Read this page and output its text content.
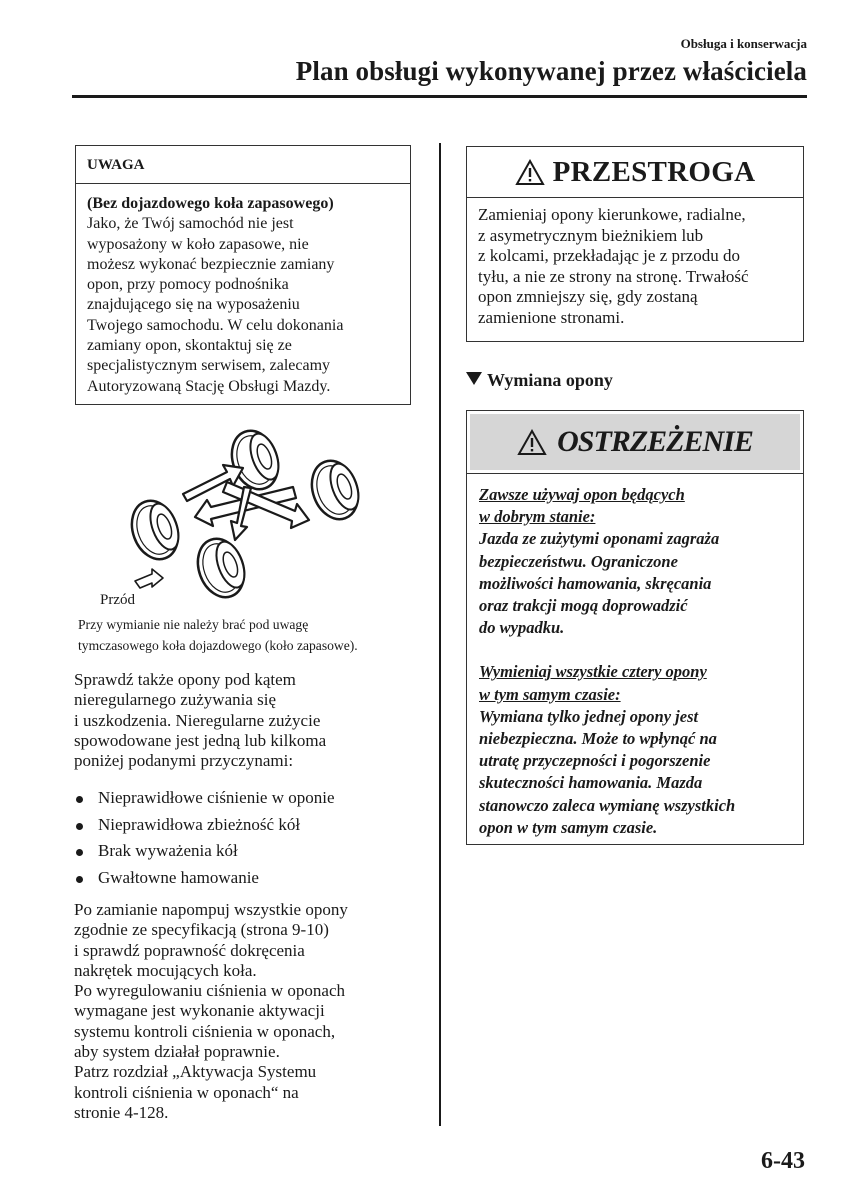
Obsługa i konserwacja
Plan obsługi wykonywanej przez właściciela
UWAGA
(Bez dojazdowego koła zapasowego)
Jako, że Twój samochód nie jest
wyposażony w koło zapasowe, nie
możesz wykonać bezpiecznie zamiany
opon, przy pomocy podnośnika
znajdującego się na wyposażeniu
Twojego samochodu. W celu dokonania
zamiany opon, skontaktuj się ze
specjalistycznym serwisem, zalecamy
Autoryzowaną Stację Obsługi Mazdy.
Przód
Przy wymianie nie należy brać pod uwagę
tymczasowego koła dojazdowego (koło zapasowe).
Sprawdź także opony pod kątem
nieregularnego zużywania się
i uszkodzenia. Nieregularne zużycie
spowodowane jest jedną lub kilkoma
poniżej podanymi przyczynami:
Nieprawidłowe ciśnienie w oponie
Nieprawidłowa zbieżność kół
Brak wyważenia kół
Gwałtowne hamowanie
Po zamianie napompuj wszystkie opony
zgodnie ze specyfikacją (strona 9-10)
i sprawdź poprawność dokręcenia
nakrętek mocujących koła.
Po wyregulowaniu ciśnienia w oponach
wymagane jest wykonanie aktywacji
systemu kontroli ciśnienia w oponach,
aby system działał poprawnie.
Patrz rozdział „Aktywacja Systemu
kontroli ciśnienia w oponach“ na
stronie 4-128.
PRZESTROGA
Zamieniaj opony kierunkowe, radialne,
z asymetrycznym bieżnikiem lub
z kolcami, przekładając je z przodu do
tyłu, a nie ze strony na stronę. Trwałość
opon zmniejszy się, gdy zostaną
zamienione stronami.
Wymiana opony
OSTRZEŻENIE
Zawsze używaj opon będących
w dobrym stanie:
Jazda ze zużytymi oponami zagraża
bezpieczeństwu. Ograniczone
możliwości hamowania, skręcania
oraz trakcji mogą doprowadzić
do wypadku.
Wymieniaj wszystkie cztery opony
w tym samym czasie:
Wymiana tylko jednej opony jest
niebezpieczna. Może to wpłynąć na
utratę przyczepności i pogorszenie
skuteczności hamowania. Mazda
stanowczo zaleca wymianę wszystkich
opon w tym samym czasie.
6-43
